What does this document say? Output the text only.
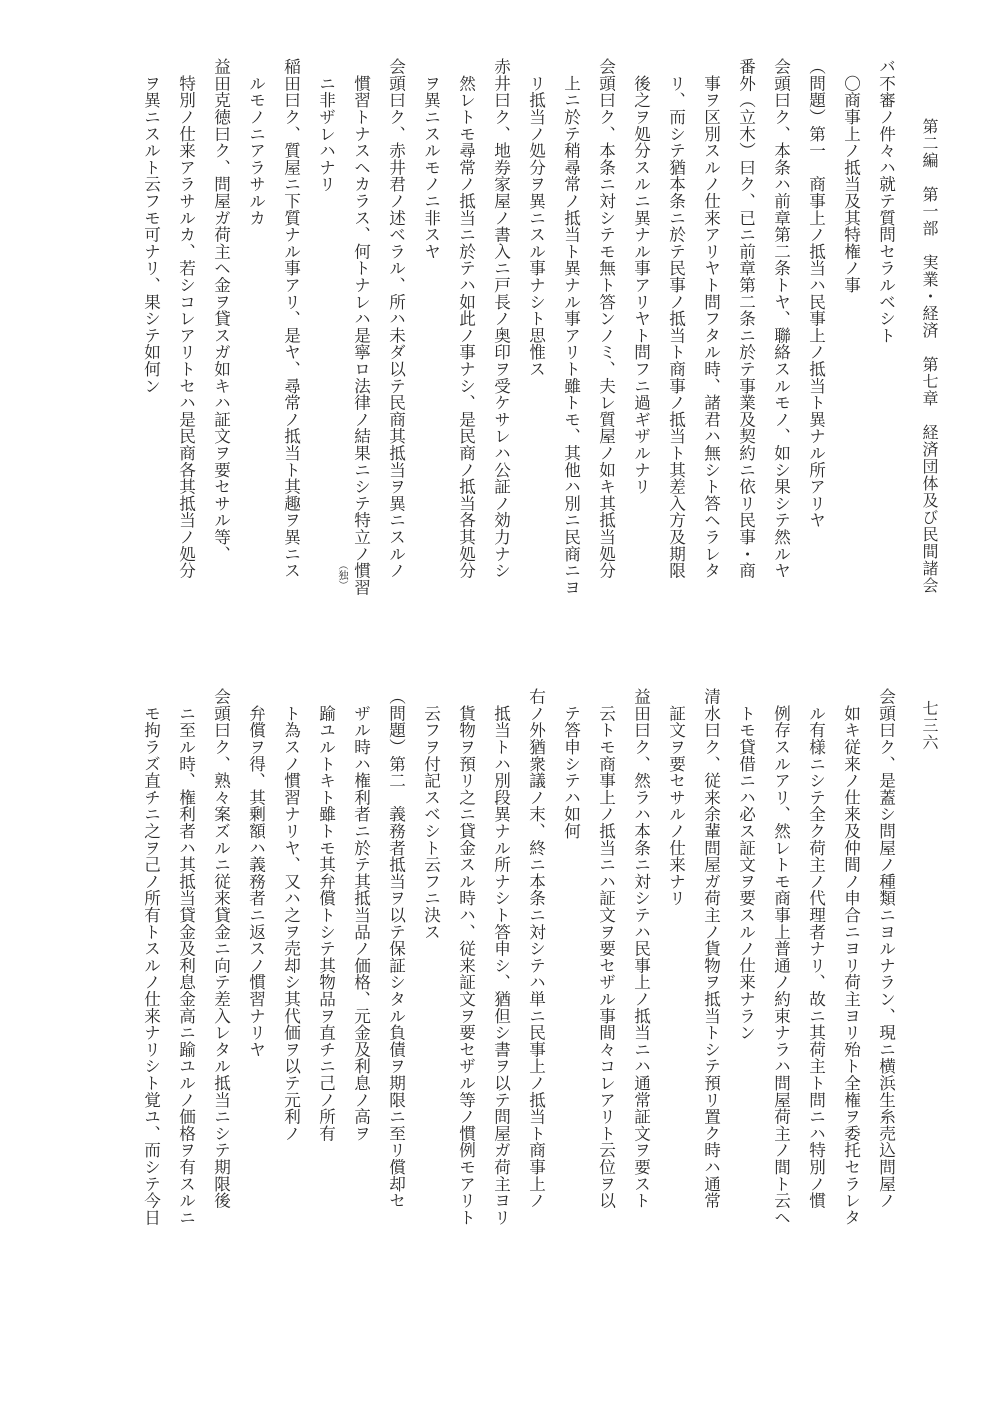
第二編　第一部　実業・経済　第七章　経済団体及び民間諸会
七三六
バ不審ノ件々ハ就テ質問セラルベシト
　〇商事上ノ抵当及其特権ノ事
（問題）第一　商事上ノ抵当ハ民事上ノ抵当ト異ナル所アリヤ
会頭曰ク、本条ハ前章第二条トヤ、聯絡スルモノ、如シ果シテ然ルヤ
番外（立木）曰ク、已ニ前章第二条ニ於テ事業及契約ニ依リ民事・商
　事ヲ区別スルノ仕来アリヤト問フタル時、諸君ハ無シト答ヘラレタ
　リ、而シテ猶本条ニ於テ民事ノ抵当ト商事ノ抵当ト其差入方及期限
　後之ヲ処分スルニ異ナル事アリヤト問フニ過ギザルナリ
会頭曰ク、本条ニ対シテモ無ト答ンノミ、夫レ質屋ノ如キ其抵当処分
　上ニ於テ稍尋常ノ抵当ト異ナル事アリト雖トモ、其他ハ別ニ民商ニヨ
　リ抵当ノ処分ヲ異ニスル事ナシト思惟ス
赤井曰ク、地券家屋ノ書入ニ戸長ノ奥印ヲ受ケサレハ公証ノ効力ナシ
　然レトモ尋常ノ抵当ニ於テハ如此ノ事ナシ、是民商ノ抵当各其処分
　ヲ異ニスルモノニ非スヤ
会頭曰ク、赤井君ノ述ベラル、所ハ未ダ以テ民商其抵当ヲ異ニスルノ
　慣習トナスヘカラス、何トナレハ是寧ロ法律ノ結果ニシテ特立ノ慣習
　ニ非ザレハナリ
稲田曰ク、質屋ニ下質ナル事アリ、是ヤ、尋常ノ抵当ト其趣ヲ異ニス
　ルモノニアラサルカ
益田克徳曰ク、問屋ガ荷主ヘ金ヲ貸スガ如キハ証文ヲ要セサル等、
　特別ノ仕来アラサルカ、若シコレアリトセハ是民商各其抵当ノ処分
　ヲ異ニスルト云フモ可ナリ、果シテ如何ン
（独）
会頭曰ク、是蓋シ問屋ノ種類ニヨルナラン、現ニ横浜生糸売込問屋ノ
　如キ従来ノ仕来及仲間ノ申合ニヨリ荷主ヨリ殆ト全権ヲ委托セラレタ
　ル有様ニシテ全ク荷主ノ代理者ナリ、故ニ其荷主ト問ニハ特別ノ慣
　例存スルアリ、然レトモ商事上普通ノ約束ナラハ問屋荷主ノ間ト云ヘ
　トモ貸借ニハ必ス証文ヲ要スルノ仕来ナラン
清水曰ク、従来余輩問屋ガ荷主ノ貨物ヲ抵当トシテ預リ置ク時ハ通常
　証文ヲ要セサルノ仕来ナリ
益田曰ク、然ラハ本条ニ対シテハ民事上ノ抵当ニハ通常証文ヲ要スト
　云トモ商事上ノ抵当ニハ証文ヲ要セザル事間々コレアリト云位ヲ以
　テ答申シテハ如何
右ノ外猶衆議ノ末、終ニ本条ニ対シテハ単ニ民事上ノ抵当ト商事上ノ
　抵当トハ別段異ナル所ナシト答申シ、猶但シ書ヲ以テ問屋ガ荷主ヨリ
　貨物ヲ預リ之ニ貸金スル時ハ、従来証文ヲ要セザル等ノ慣例モアリト
　云フヲ付記スベシト云フニ決ス
（問題）第二　義務者抵当ヲ以テ保証シタル負債ヲ期限ニ至リ償却セ
　ザル時ハ権利者ニ於テ其抵当品ノ価格、元金及利息ノ高ヲ
　踰ユルトキト雖トモ其弁償トシテ其物品ヲ直チニ己ノ所有
　ト為スノ慣習ナリヤ、又ハ之ヲ売却シ其代価ヲ以テ元利ノ
　弁償ヲ得、其剰額ハ義務者ニ返スノ慣習ナリヤ
会頭曰ク、熟々案ズルニ従来貸金ニ向テ差入レタル抵当ニシテ期限後
　ニ至ル時、権利者ハ其抵当貸金及利息金高ニ踰ユルノ価格ヲ有スルニ
　モ拘ラズ直チニ之ヲ己ノ所有トスルノ仕来ナリシト覚ユ、而シテ今日
